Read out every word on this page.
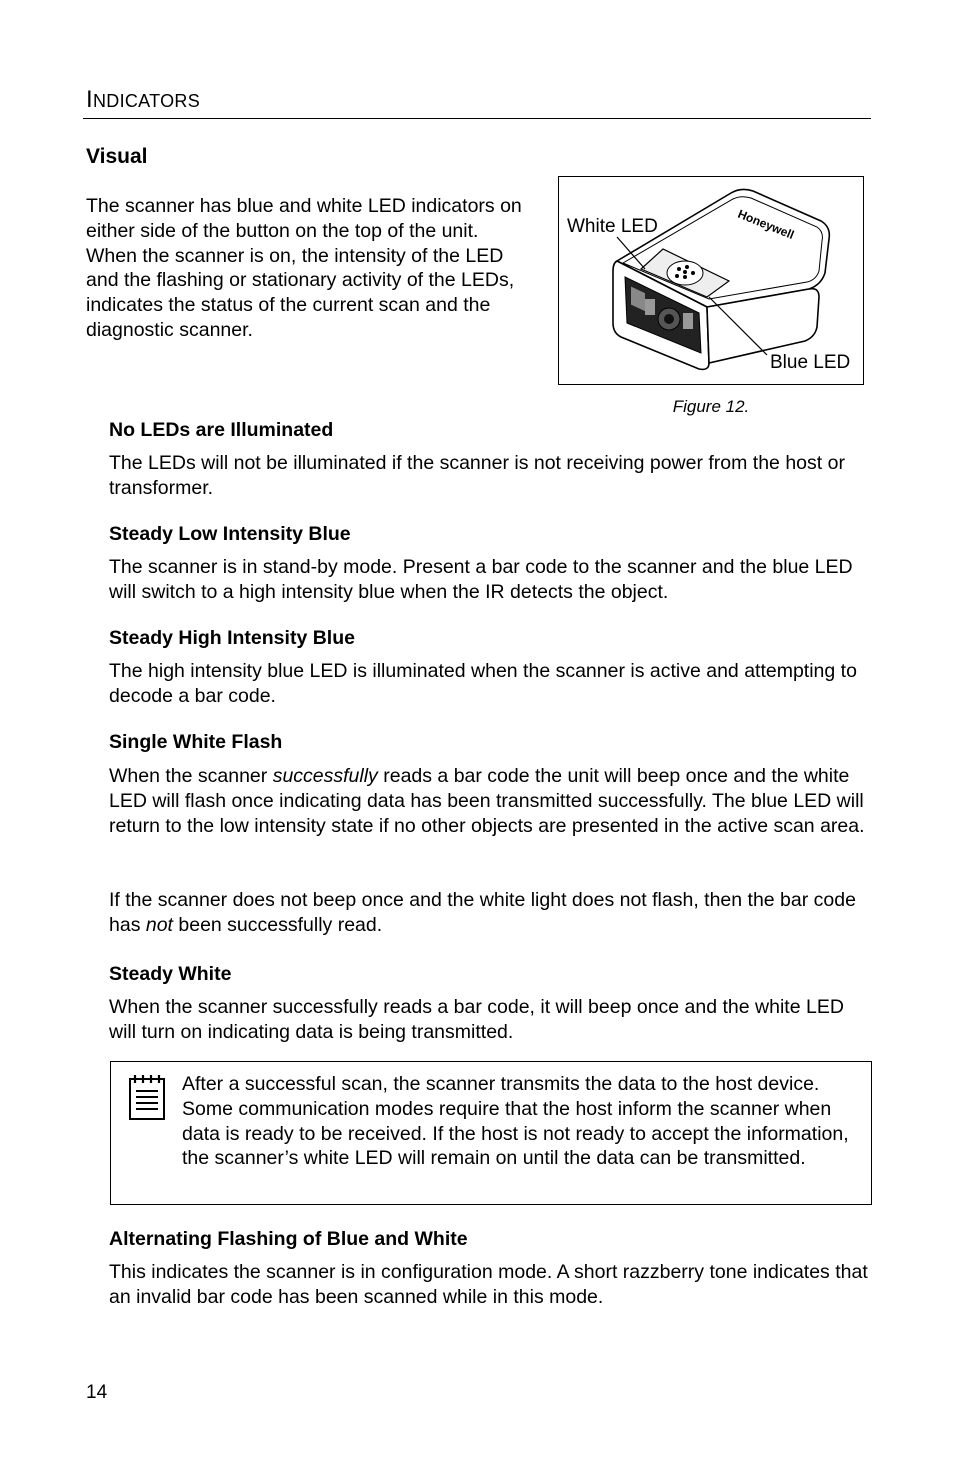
INDICATORS
Visual
The scanner has blue and white LED indicators on either side of the button on the top of the unit. When the scanner is on, the intensity of the LED and the flashing or stationary activity of the LEDs, indicates the status of the current scan and the diagnostic scanner.
Honeywell
White LED
Blue LED
Figure 12.
No LEDs are Illuminated
The LEDs will not be illuminated if the scanner is not receiving power from the host or transformer.
Steady Low Intensity Blue
The scanner is in stand-by mode. Present a bar code to the scanner and the blue LED will switch to a high intensity blue when the IR detects the object.
Steady High Intensity Blue
The high intensity blue LED is illuminated when the scanner is active and attempting to decode a bar code.
Single White Flash
When the scanner successfully reads a bar code the unit will beep once and the white LED will flash once indicating data has been transmitted successfully. The blue LED will return to the low intensity state if no other objects are presented in the active scan area.
If the scanner does not beep once and the white light does not flash, then the bar code has not been successfully read.
Steady White
When the scanner successfully reads a bar code, it will beep once and the white LED will turn on indicating data is being transmitted.
After a successful scan, the scanner transmits the data to the host device. Some communication modes require that the host inform the scanner when data is ready to be received. If the host is not ready to accept the information, the scanner’s white LED will remain on until the data can be transmitted.
Alternating Flashing of Blue and White
This indicates the scanner is in configuration mode. A short razzberry tone indicates that an invalid bar code has been scanned while in this mode.
14
